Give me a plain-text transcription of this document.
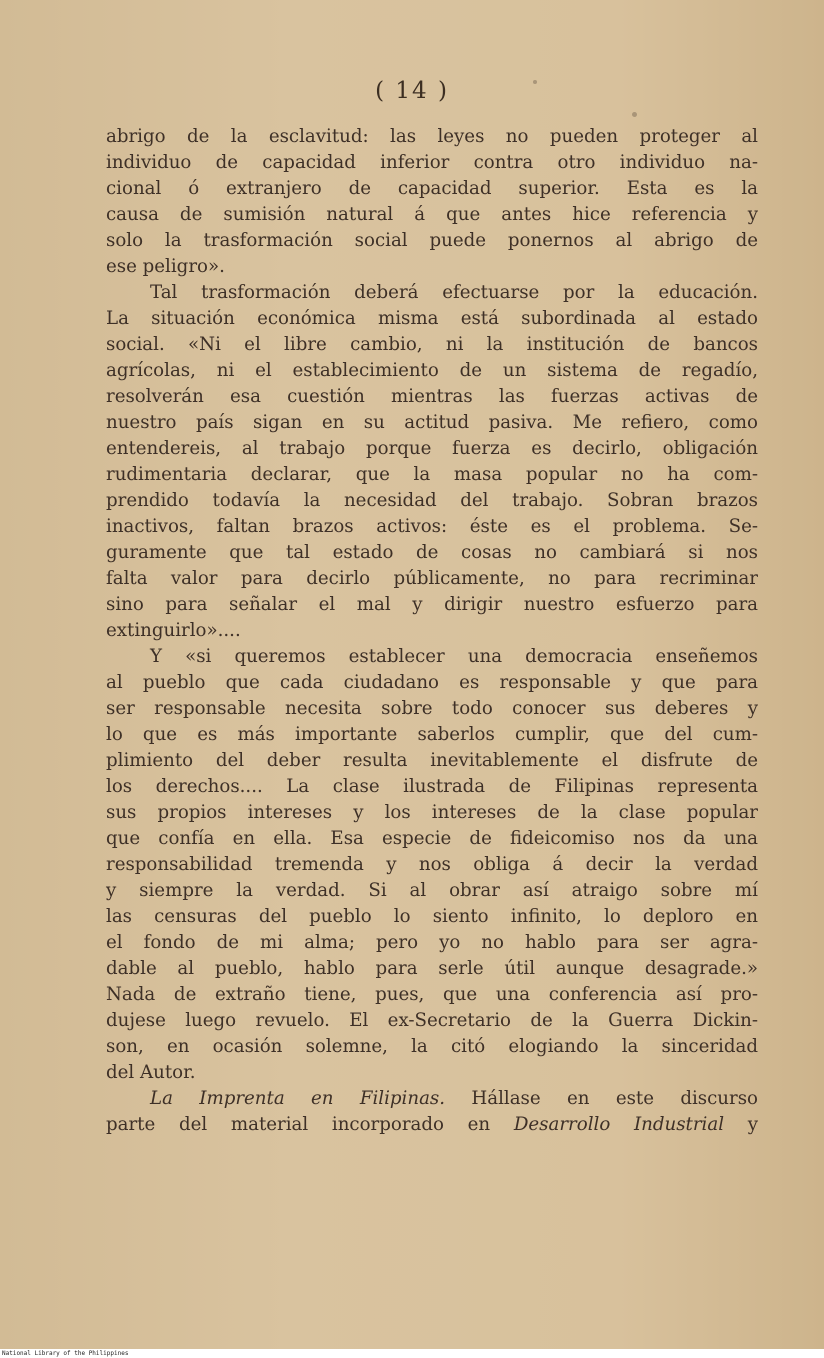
( 14 )
abrigo de la esclavitud: las leyes no pueden proteger al
individuo de capacidad inferior contra otro individuo na-
cional ó extranjero de capacidad superior. Esta es la
causa de sumisión natural á que antes hice referencia y
solo la trasformación social puede ponernos al abrigo de
ese peligro».
Tal trasformación deberá efectuarse por la educación.
La situación económica misma está subordinada al estado
social. «Ni el libre cambio, ni la institución de bancos
agrícolas, ni el establecimiento de un sistema de regadío,
resolverán esa cuestión mientras las fuerzas activas de
nuestro país sigan en su actitud pasiva. Me refiero, como
entendereis, al trabajo porque fuerza es decirlo, obligación
rudimentaria declarar, que la masa popular no ha com-
prendido todavía la necesidad del trabajo. Sobran brazos
inactivos, faltan brazos activos: éste es el problema. Se-
guramente que tal estado de cosas no cambiará si nos
falta valor para decirlo públicamente, no para recriminar
sino para señalar el mal y dirigir nuestro esfuerzo para
extinguirlo»....
Y «si queremos establecer una democracia enseñemos
al pueblo que cada ciudadano es responsable y que para
ser responsable necesita sobre todo conocer sus deberes y
lo que es más importante saberlos cumplir, que del cum-
plimiento del deber resulta inevitablemente el disfrute de
los derechos.... La clase ilustrada de Filipinas representa
sus propios intereses y los intereses de la clase popular
que confía en ella. Esa especie de fideicomiso nos da una
responsabilidad tremenda y nos obliga á decir la verdad
y siempre la verdad. Si al obrar así atraigo sobre mí
las censuras del pueblo lo siento infinito, lo deploro en
el fondo de mi alma; pero yo no hablo para ser agra-
dable al pueblo, hablo para serle útil aunque desagrade.»
Nada de extraño tiene, pues, que una conferencia así pro-
dujese luego revuelo. El ex-Secretario de la Guerra Dickin-
son, en ocasión solemne, la citó elogiando la sinceridad
del Autor.
La Imprenta en Filipinas. Hállase en este discurso
parte del material incorporado en Desarrollo Industrial y
National Library of the Philippines
